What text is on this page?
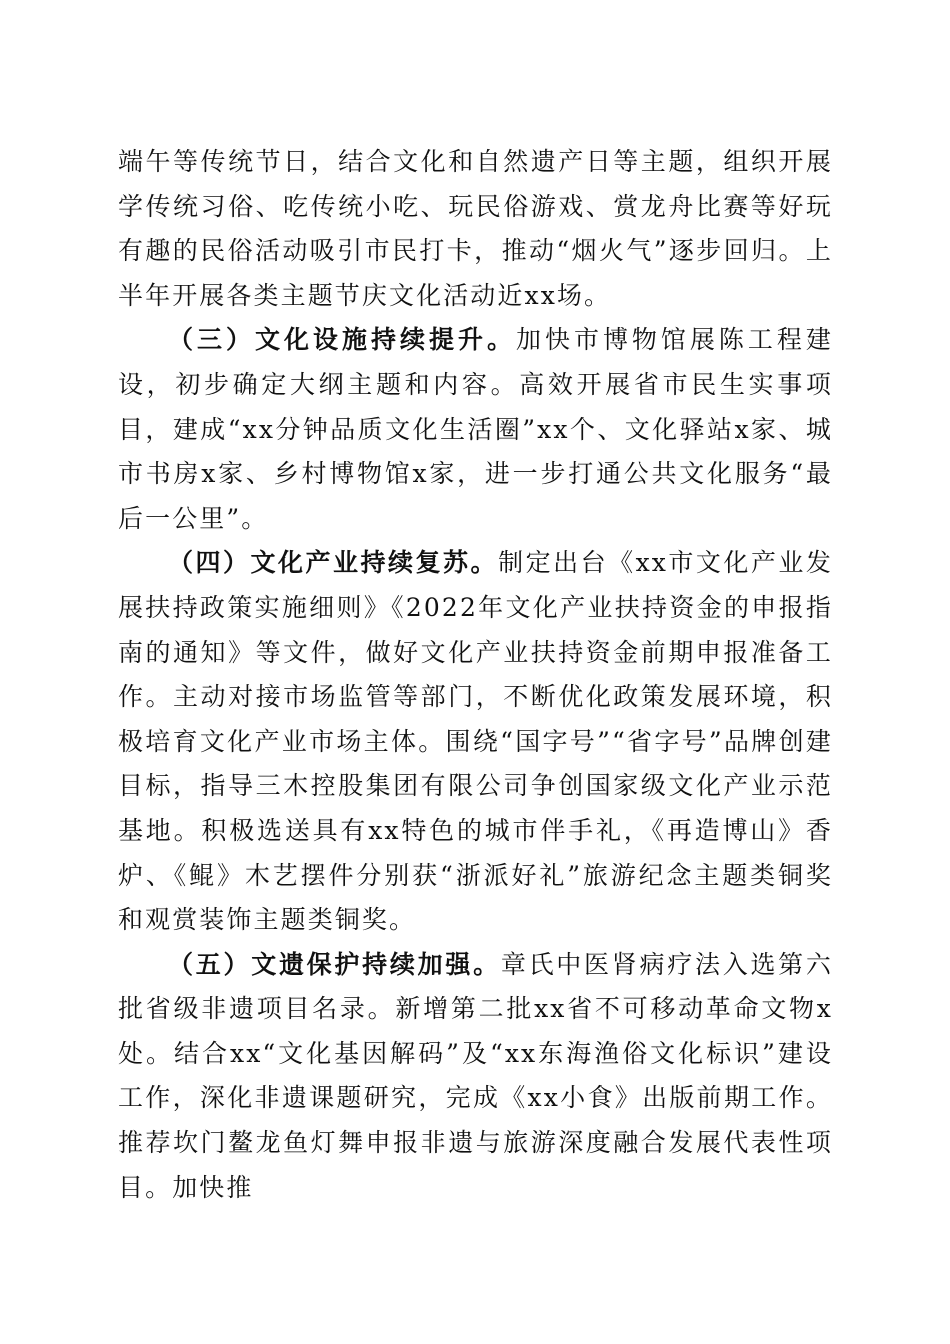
端午等传统节日，结合文化和自然遗产日等主题，组织开展学传统习俗、吃传统小吃、玩民俗游戏、赏龙舟比赛等好玩有趣的民俗活动吸引市民打卡，推动“烟火气”逐步回归。上半年开展各类主题节庆文化活动近xx场。

（三）文化设施持续提升。加快市博物馆展陈工程建设，初步确定大纲主题和内容。高效开展省市民生实事项目，建成“xx分钟品质文化生活圈”xx个、文化驿站x家、城市书房x家、乡村博物馆x家，进一步打通公共文化服务“最后一公里”。

（四）文化产业持续复苏。制定出台《xx市文化产业发展扶持政策实施细则》《2022年文化产业扶持资金的申报指南的通知》等文件，做好文化产业扶持资金前期申报准备工作。主动对接市场监管等部门，不断优化政策发展环境，积极培育文化产业市场主体。围绕“国字号”“省字号”品牌创建目标，指导三木控股集团有限公司争创国家级文化产业示范基地。积极选送具有xx特色的城市伴手礼，《再造博山》香炉、《鲲》木艺摆件分别获“浙派好礼”旅游纪念主题类铜奖和观赏装饰主题类铜奖。

（五）文遗保护持续加强。章氏中医肾病疗法入选第六批省级非遗项目名录。新增第二批xx省不可移动革命文物x处。结合xx“文化基因解码”及“xx东海渔俗文化标识”建设工作，深化非遗课题研究，完成《xx小食》出版前期工作。推荐坎门鳌龙鱼灯舞申报非遗与旅游深度融合发展代表性项目。加快推
